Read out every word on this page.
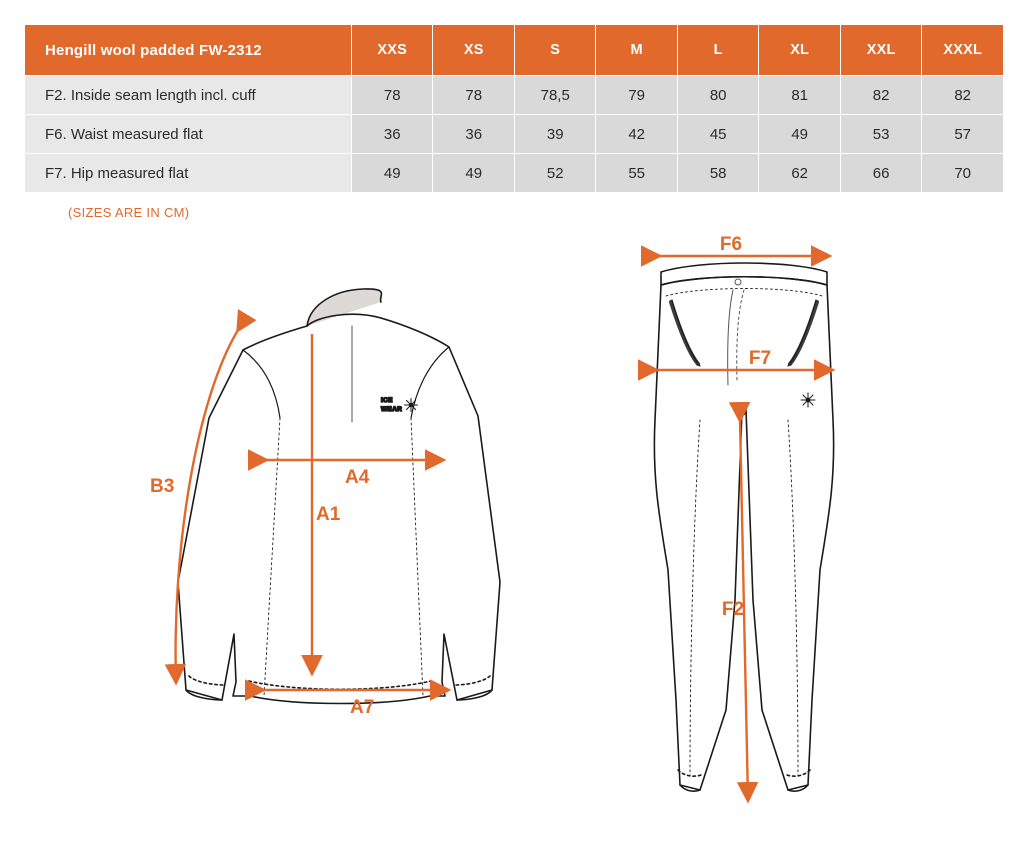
Hengill wool padded FW-2312	XXS	XS	S	M	L	XL	XXL	XXXL
F2. Inside seam length incl. cuff	78	78	78,5	79	80	81	82	82
F6. Waist measured flat	36	36	39	42	45	49	53	57
F7. Hip measured flat	49	49	52	55	58	62	66	70
(SIZES ARE IN CM)
ICE
WEAR
B3	A4
A1
A7
F6
F7
F2
